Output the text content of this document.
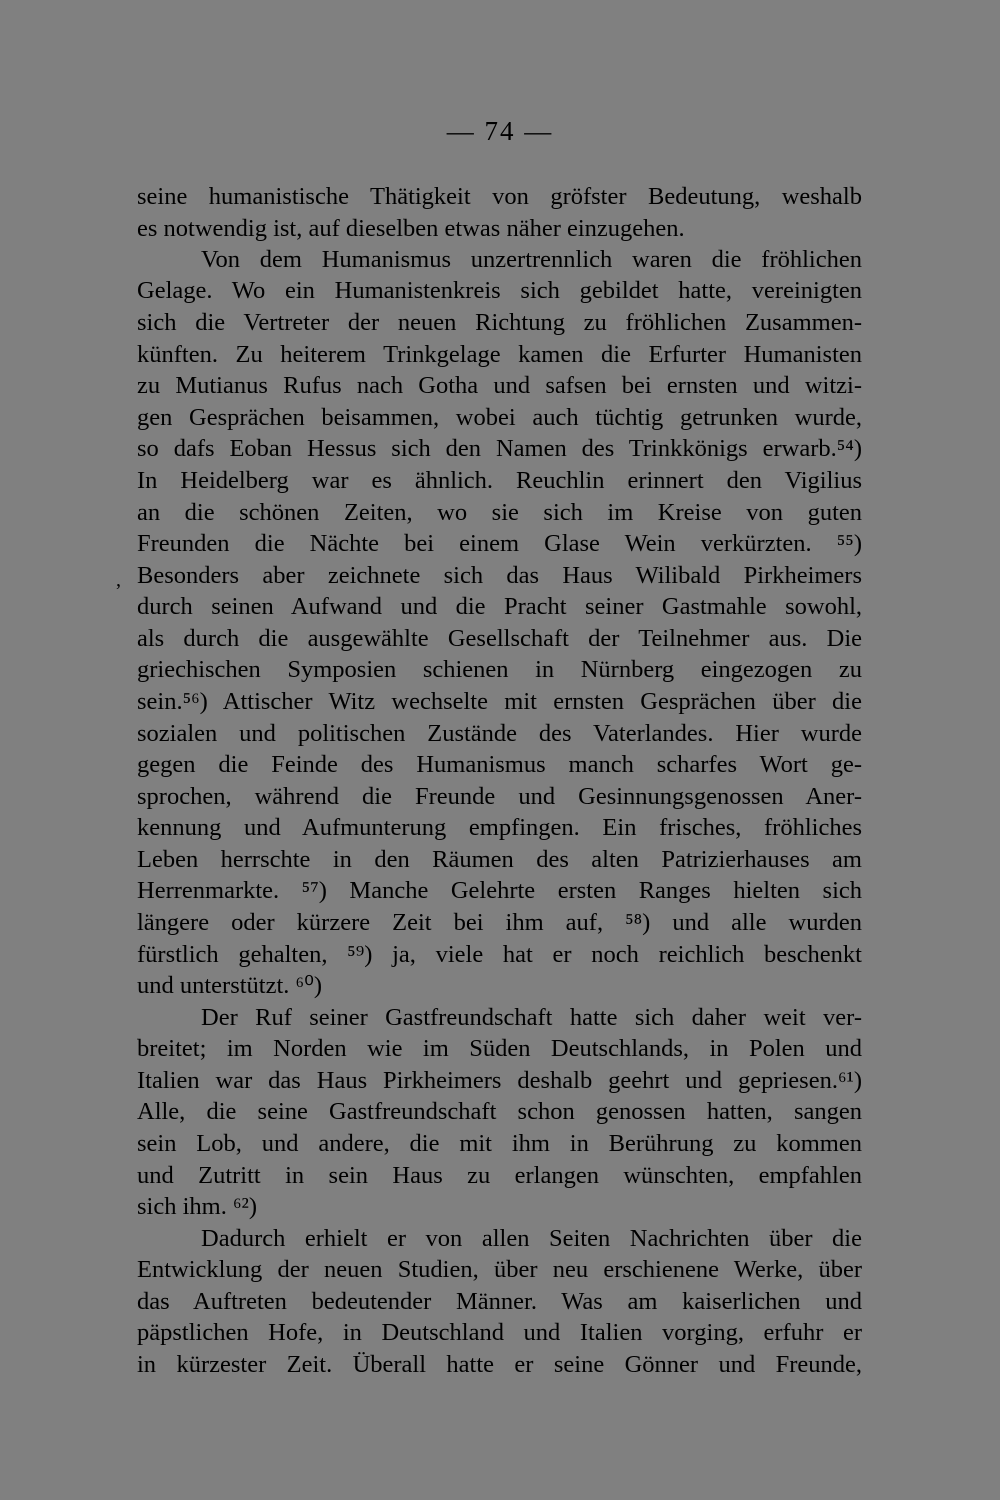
— 74 —
,
seine humanistische Thätigkeit von gröfster Bedeutung, weshalb
es notwendig ist, auf dieselben etwas näher einzugehen.
Von dem Humanismus unzertrennlich waren die fröhlichen
Gelage. Wo ein Humanistenkreis sich gebildet hatte, vereinigten
sich die Vertreter der neuen Richtung zu fröhlichen Zusammen-
künften. Zu heiterem Trinkgelage kamen die Erfurter Humanisten
zu Mutianus Rufus nach Gotha und safsen bei ernsten und witzi-
gen Gesprächen beisammen, wobei auch tüchtig getrunken wurde,
so dafs Eoban Hessus sich den Namen des Trinkkönigs erwarb.⁵⁴)
In Heidelberg war es ähnlich. Reuchlin erinnert den Vigilius
an die schönen Zeiten, wo sie sich im Kreise von guten
Freunden die Nächte bei einem Glase Wein verkürzten. ⁵⁵)
Besonders aber zeichnete sich das Haus Wilibald Pirkheimers
durch seinen Aufwand und die Pracht seiner Gastmahle sowohl,
als durch die ausgewählte Gesellschaft der Teilnehmer aus. Die
griechischen Symposien schienen in Nürnberg eingezogen zu
sein.⁵⁶) Attischer Witz wechselte mit ernsten Gesprächen über die
sozialen und politischen Zustände des Vaterlandes. Hier wurde
gegen die Feinde des Humanismus manch scharfes Wort ge-
sprochen, während die Freunde und Gesinnungsgenossen Aner-
kennung und Aufmunterung empfingen. Ein frisches, fröhliches
Leben herrschte in den Räumen des alten Patrizierhauses am
Herrenmarkte. ⁵⁷) Manche Gelehrte ersten Ranges hielten sich
längere oder kürzere Zeit bei ihm auf, ⁵⁸) und alle wurden
fürstlich gehalten, ⁵⁹) ja, viele hat er noch reichlich beschenkt
und unterstützt. ⁶⁰)
Der Ruf seiner Gastfreundschaft hatte sich daher weit ver-
breitet; im Norden wie im Süden Deutschlands, in Polen und
Italien war das Haus Pirkheimers deshalb geehrt und gepriesen.⁶¹)
Alle, die seine Gastfreundschaft schon genossen hatten, sangen
sein Lob, und andere, die mit ihm in Berührung zu kommen
und Zutritt in sein Haus zu erlangen wünschten, empfahlen
sich ihm. ⁶²)
Dadurch erhielt er von allen Seiten Nachrichten über die
Entwicklung der neuen Studien, über neu erschienene Werke, über
das Auftreten bedeutender Männer. Was am kaiserlichen und
päpstlichen Hofe, in Deutschland und Italien vorging, erfuhr er
in kürzester Zeit. Überall hatte er seine Gönner und Freunde,
